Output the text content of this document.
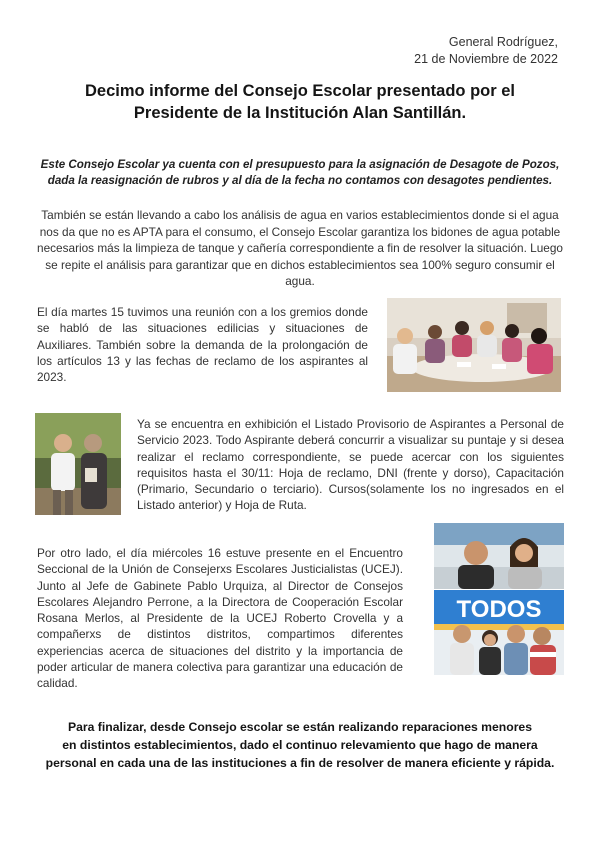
General Rodríguez,
21 de Noviembre de 2022
Decimo informe del Consejo Escolar presentado por el
Presidente de la Institución Alan Santillán.
Este Consejo Escolar ya cuenta con el presupuesto para la asignación de Desagote de Pozos,
dada la reasignación de rubros y al día de la fecha no contamos con desagotes pendientes.

También se están llevando a cabo los análisis de agua en varios establecimientos donde si el agua nos da que no es APTA para el consumo, el Consejo Escolar garantiza los bidones de agua potable necesarios más la limpieza de tanque y cañería correspondiente a fin de resolver la situación. Luego se repite el análisis para garantizar que en dichos establecimientos sea 100% seguro consumir el agua.

El día martes 15 tuvimos una reunión con a los gremios donde se habló de las situaciones edilicias y situaciones de Auxiliares. También sobre la demanda de la prolongación de los artículos 13 y las fechas de reclamo de los aspirantes al 2023.

Ya se encuentra en exhibición el Listado Provisorio de Aspirantes a Personal de Servicio 2023. Todo Aspirante deberá concurrir a visualizar su puntaje y si desea realizar el reclamo correspondiente, se puede acercar con los siguientes requisitos hasta el 30/11: Hoja de reclamo, DNI (frente y dorso), Capacitación (Primario, Secundario o terciario). Cursos(solamente los no ingresados en el Listado anterior) y Hoja de Ruta.

Por otro lado, el día miércoles 16 estuve presente en el Encuentro Seccional de la Unión de Consejerxs Escolares Justicialistas (UCEJ). Junto al Jefe de Gabinete Pablo Urquiza, al Director de Consejos Escolares Alejandro Perrone, a la Directora de Cooperación Escolar Rosana Merlos, al Presidente de la UCEJ Roberto Crovella y a compañerxs de distintos distritos, compartimos diferentes experiencias acerca de situaciones del distrito y la importancia de poder articular de manera colectiva para garantizar una educación de calidad.

TODOS
Para finalizar, desde Consejo escolar se están realizando reparaciones menores
en distintos establecimientos, dado el continuo relevamiento que hago de manera
personal en cada una de las instituciones a fin de resolver de manera eficiente y rápida.
